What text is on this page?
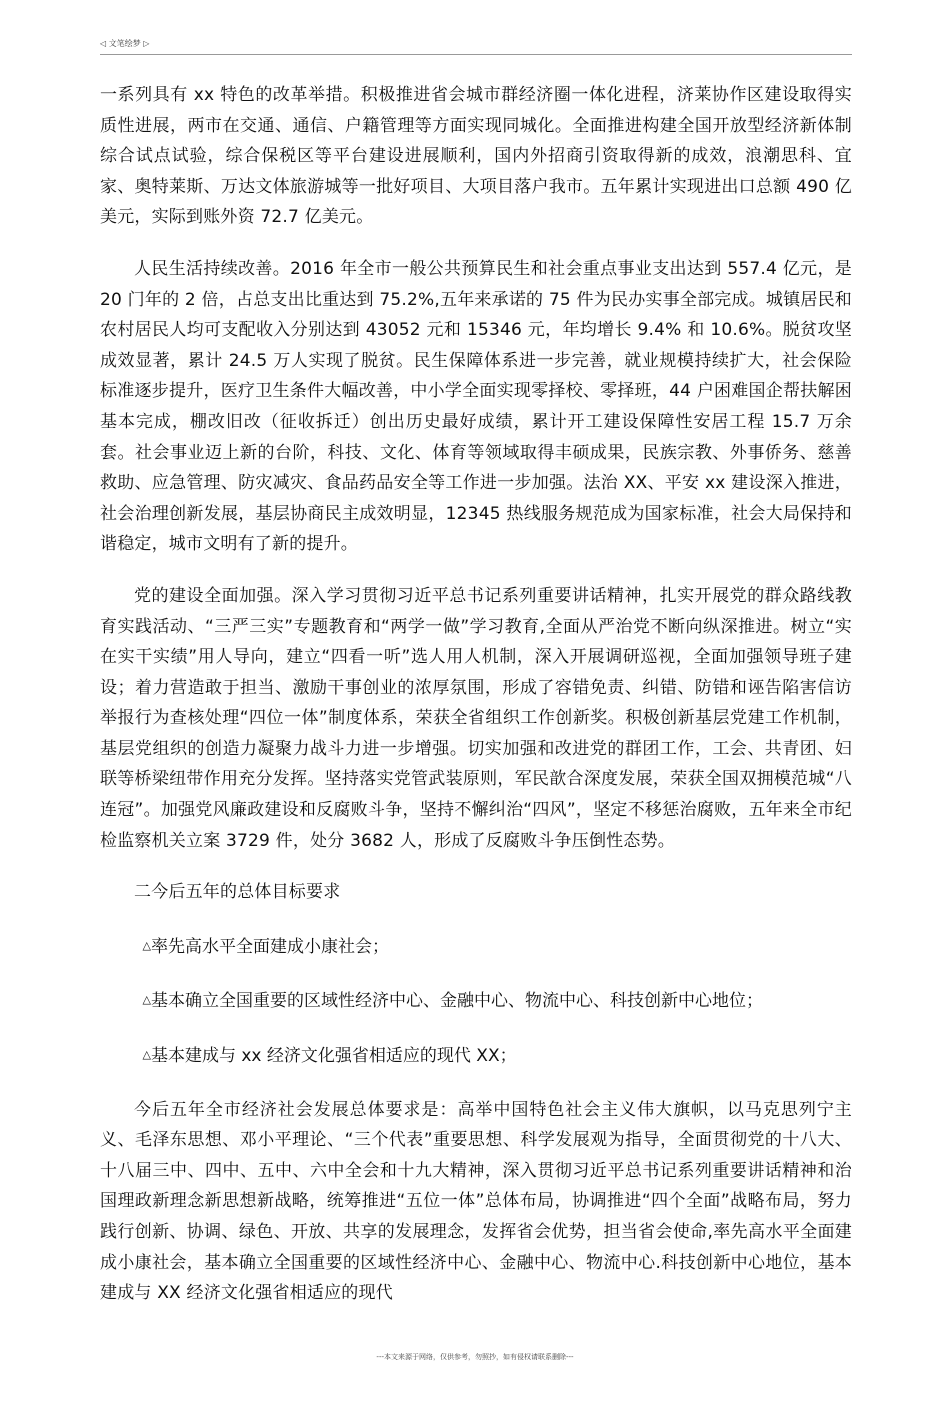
◁ 文笔绘梦 ▷

一系列具有 xx 特色的改革举措。积极推进省会城市群经济圈一体化进程，济莱协作区建设取得实质性进展，两市在交通、通信、户籍管理等方面实现同城化。全面推进构建全国开放型经济新体制综合试点试验，综合保税区等平台建设进展顺利，国内外招商引资取得新的成效，浪潮思科、宜家、奥特莱斯、万达文体旅游城等一批好项目、大项目落户我市。五年累计实现进出口总额 490 亿美元，实际到账外资 72.7 亿美元。

人民生活持续改善。2016 年全市一般公共预算民生和社会重点事业支出达到 557.4 亿元，是 20 门年的 2 倍，占总支出比重达到 75.2%,五年来承诺的 75 件为民办实事全部完成。城镇居民和农村居民人均可支配收入分别达到 43052 元和 15346 元，年均增长 9.4% 和 10.6%。脱贫攻坚成效显著，累计 24.5 万人实现了脱贫。民生保障体系进一步完善，就业规模持续扩大，社会保险标准逐步提升，医疗卫生条件大幅改善，中小学全面实现零择校、零择班，44 户困难国企帮扶解困基本完成，棚改旧改（征收拆迁）创出历史最好成绩，累计开工建设保障性安居工程 15.7 万余套。社会事业迈上新的台阶，科技、文化、体育等领域取得丰硕成果，民族宗教、外事侨务、慈善救助、应急管理、防灾减灾、食品药品安全等工作进一步加强。法治 XX、平安 xx 建设深入推进，社会治理创新发展，基层协商民主成效明显，12345 热线服务规范成为国家标准，社会大局保持和谐稳定，城市文明有了新的提升。

党的建设全面加强。深入学习贯彻习近平总书记系列重要讲话精神，扎实开展党的群众路线教育实践活动、“三严三实”专题教育和“两学一做”学习教育,全面从严治党不断向纵深推进。树立“实在实干实绩”用人导向，建立“四看一听”选人用人机制，深入开展调研巡视，全面加强领导班子建设；着力营造敢于担当、激励干事创业的浓厚氛围，形成了容错免责、纠错、防错和诬告陷害信访举报行为查核处理“四位一体”制度体系，荣获全省组织工作创新奖。积极创新基层党建工作机制，基层党组织的创造力凝聚力战斗力进一步增强。切实加强和改进党的群团工作，工会、共青团、妇联等桥梁纽带作用充分发挥。坚持落实党管武装原则，军民歆合深度发展，荣获全国双拥模范城“八连冠”。加强党风廉政建设和反腐败斗争，坚持不懈纠治“四风”，坚定不移惩治腐败，五年来全市纪检监察机关立案 3729 件，处分 3682 人，形成了反腐败斗争压倒性态势。

二今后五年的总体目标要求

△率先高水平全面建成小康社会；
△基本确立全国重要的区域性经济中心、金融中心、物流中心、科技创新中心地位；
△基本建成与 xx 经济文化强省相适应的现代 XX；

今后五年全市经济社会发展总体要求是：高举中国特色社会主义伟大旗帜，以马克思列宁主义、毛泽东思想、邓小平理论、“三个代表”重要思想、科学发展观为指导，全面贯彻党的十八大、十八届三中、四中、五中、六中全会和十九大精神，深入贯彻习近平总书记系列重要讲话精神和治国理政新理念新思想新战略，统筹推进“五位一体”总体布局，协调推进“四个全面”战略布局，努力践行创新、协调、绿色、开放、共享的发展理念，发挥省会优势，担当省会使命,率先高水平全面建成小康社会，基本确立全国重要的区域性经济中心、金融中心、物流中心.科技创新中心地位，基本建成与 XX 经济文化强省相适应的现代

---本文来源于网络，仅供参考，勿照抄，如有侵权请联系删除---
